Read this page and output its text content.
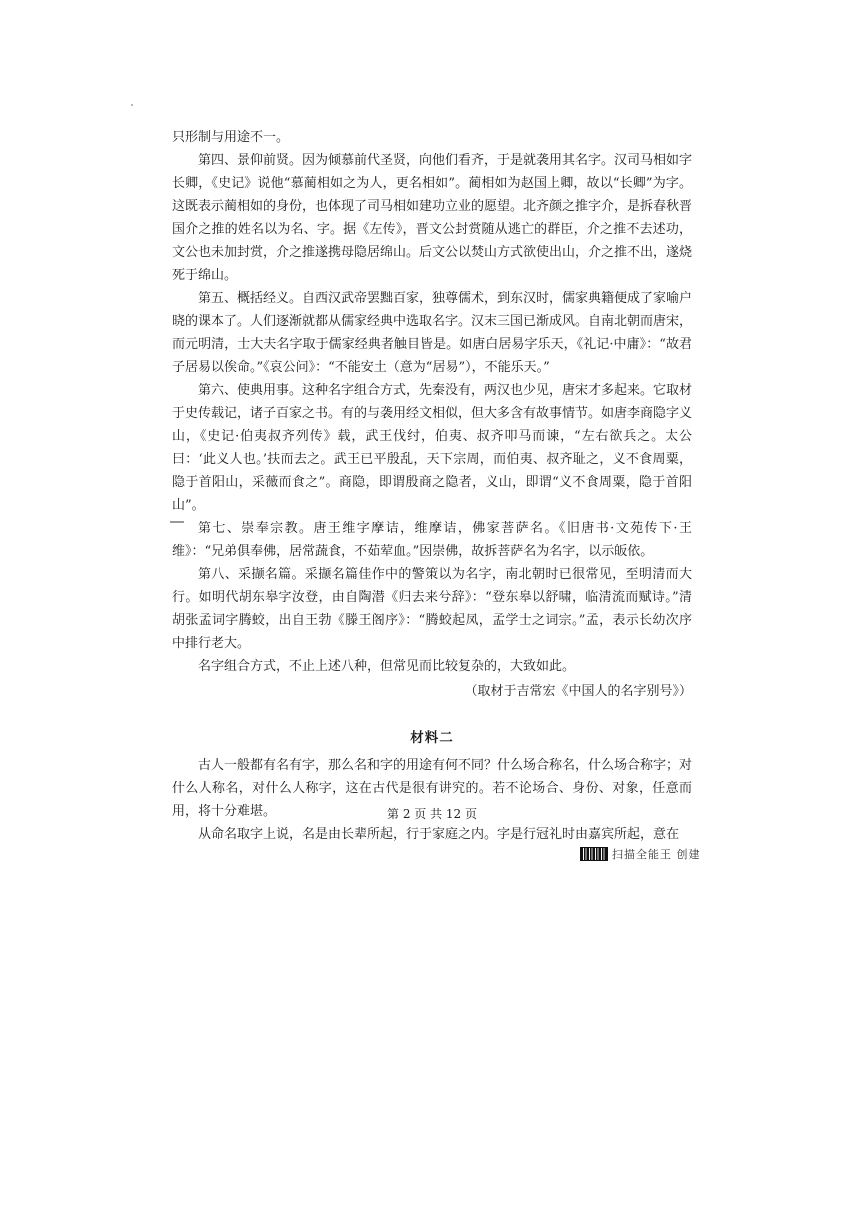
只形制与用途不一。

第四、景仰前贤。因为倾慕前代圣贤，向他们看齐，于是就袭用其名字。汉司马相如字长卿，《史记》说他“慕蔺相如之为人，更名相如”。蔺相如为赵国上卿，故以“长卿”为字。这既表示蔺相如的身份，也体现了司马相如建功立业的愿望。北齐颜之推字介，是拆春秋晋国介之推的姓名以为名、字。据《左传》，晋文公封赏随从逃亡的群臣，介之推不去述功，文公也未加封赏，介之推遂携母隐居绵山。后文公以焚山方式欲使出山，介之推不出，遂烧死于绵山。

第五、概括经义。自西汉武帝罢黜百家，独尊儒术，到东汉时，儒家典籍便成了家喻户晓的课本了。人们逐渐就都从儒家经典中选取名字。汉末三国已渐成风。自南北朝而唐宋，而元明清，士大夫名字取于儒家经典者触目皆是。如唐白居易字乐天，《礼记·中庸》：“故君子居易以俟命。”《哀公问》：“不能安土（意为“居易”），不能乐天。”

第六、使典用事。这种名字组合方式，先秦没有，两汉也少见，唐宋才多起来。它取材于史传载记，诸子百家之书。有的与袭用经文相似，但大多含有故事情节。如唐李商隐字义山，《史记·伯夷叔齐列传》载，武王伐纣，伯夷、叔齐叩马而谏，“左右欲兵之。太公曰：‘此义人也。’扶而去之。武王已平殷乱，天下宗周，而伯夷、叔齐耻之，义不食周粟，隐于首阳山，采薇而食之”。商隐，即谓殷商之隐者，义山，即谓“义不食周粟，隐于首阳山”。

第七、崇奉宗教。唐王维字摩诘，维摩诘，佛家菩萨名。《旧唐书·文苑传下·王维》：“兄弟俱奉佛，居常蔬食，不茹荤血。”因崇佛，故拆菩萨名为名字，以示皈依。

第八、采撷名篇。采撷名篇佳作中的警策以为名字，南北朝时已很常见，至明清而大行。如明代胡东皋字汝登，由自陶潜《归去来兮辞》：“登东皋以舒啸，临清流而赋诗。”清胡张孟词字腾蛟，出自王勃《滕王阁序》：“腾蛟起凤，孟学士之词宗。”孟，表示长幼次序中排行老大。

名字组合方式，不止上述八种，但常见而比较复杂的，大致如此。

（取材于吉常宏《中国人的名字别号》）

材料二

古人一般都有名有字，那么名和字的用途有何不同？什么场合称名，什么场合称字；对什么人称名，对什么人称字，这在古代是很有讲究的。若不论场合、身份、对象，任意而用，将十分难堪。

从命名取字上说，名是由长辈所起，行于家庭之内。字是行冠礼时由嘉宾所起，意在

第 2 页 共 12 页
扫描全能王 创建
